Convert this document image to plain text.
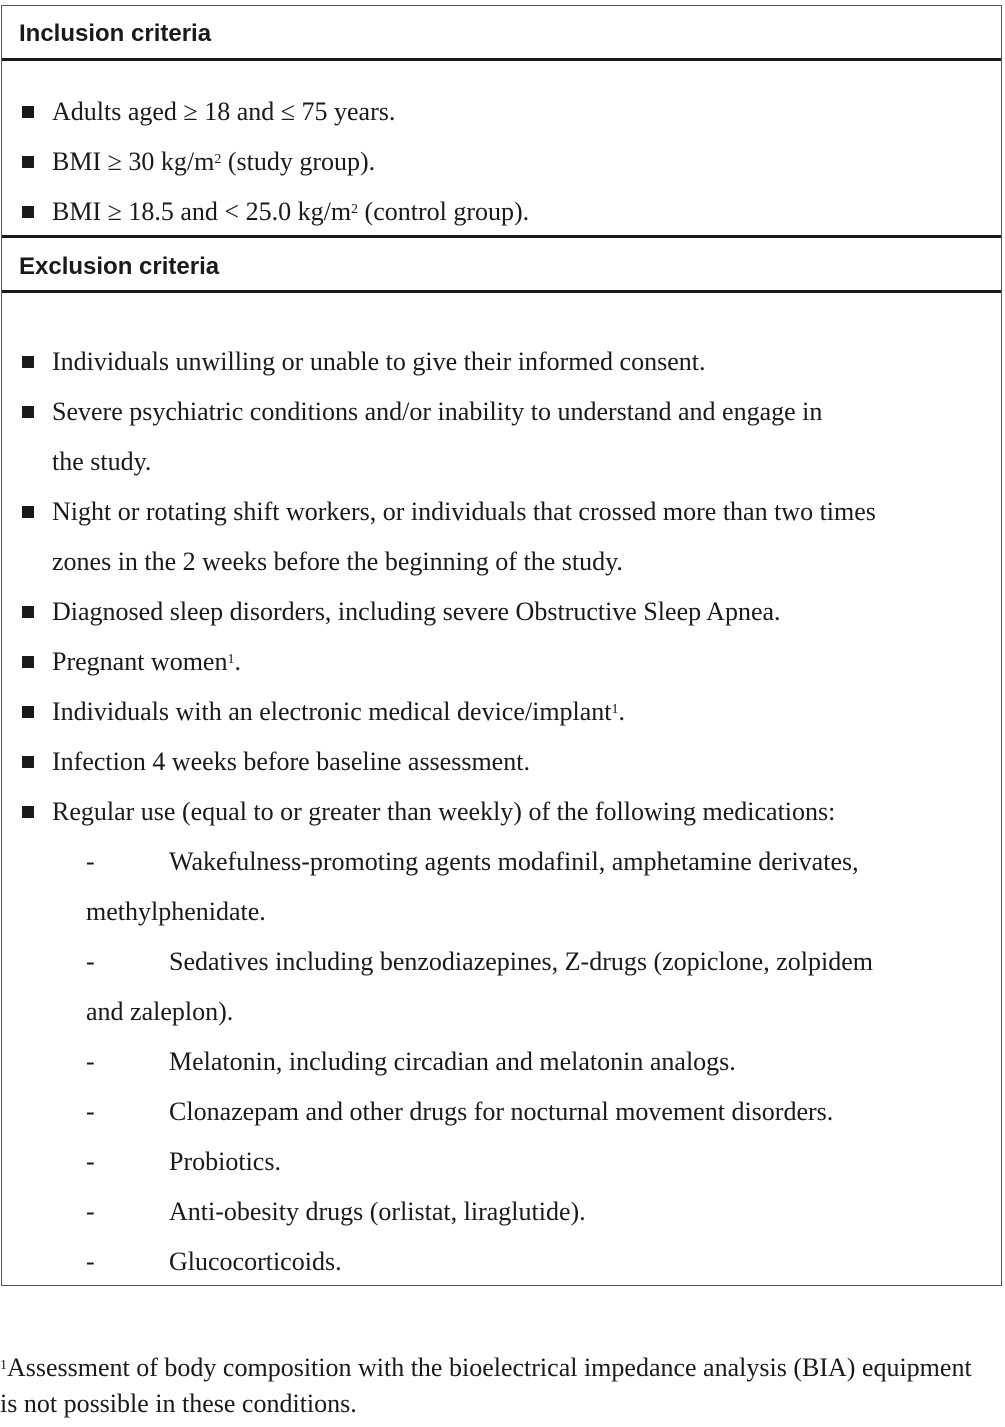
Inclusion criteria
Adults aged ≥ 18 and ≤ 75 years.
BMI ≥ 30 $kg/m^2$ (study group).
BMI ≥ 18.5 and < 25.0 $kg/m^2$ (control group).
Exclusion criteria
Individuals unwilling or unable to give their informed consent.
Severe psychiatric conditions and/or inability to understand and engage in
the study.
Night or rotating shift workers, or individuals that crossed more than two times
zones in the 2 weeks before the beginning of the study.
Diagnosed sleep disorders, including severe Obstructive Sleep Apnea.
Pregnant women$^1$.
Individuals with an electronic medical device/implant$^1$.
Infection 4 weeks before baseline assessment.
Regular use (equal to or greater than weekly) of the following medications:
-	Wakefulness-promoting agents modafinil, amphetamine derivates,
methylphenidate.
-	Sedatives including benzodiazepines, Z-drugs (zopiclone, zolpidem
and zaleplon).
-	Melatonin, including circadian and melatonin analogs.
-	Clonazepam and other drugs for nocturnal movement disorders.
-	Probiotics.
-	Anti-obesity drugs (orlistat, liraglutide).
-	Glucocorticoids.
$^1$Assessment of body composition with the bioelectrical impedance analysis (BIA) equipment
is not possible in these conditions.
